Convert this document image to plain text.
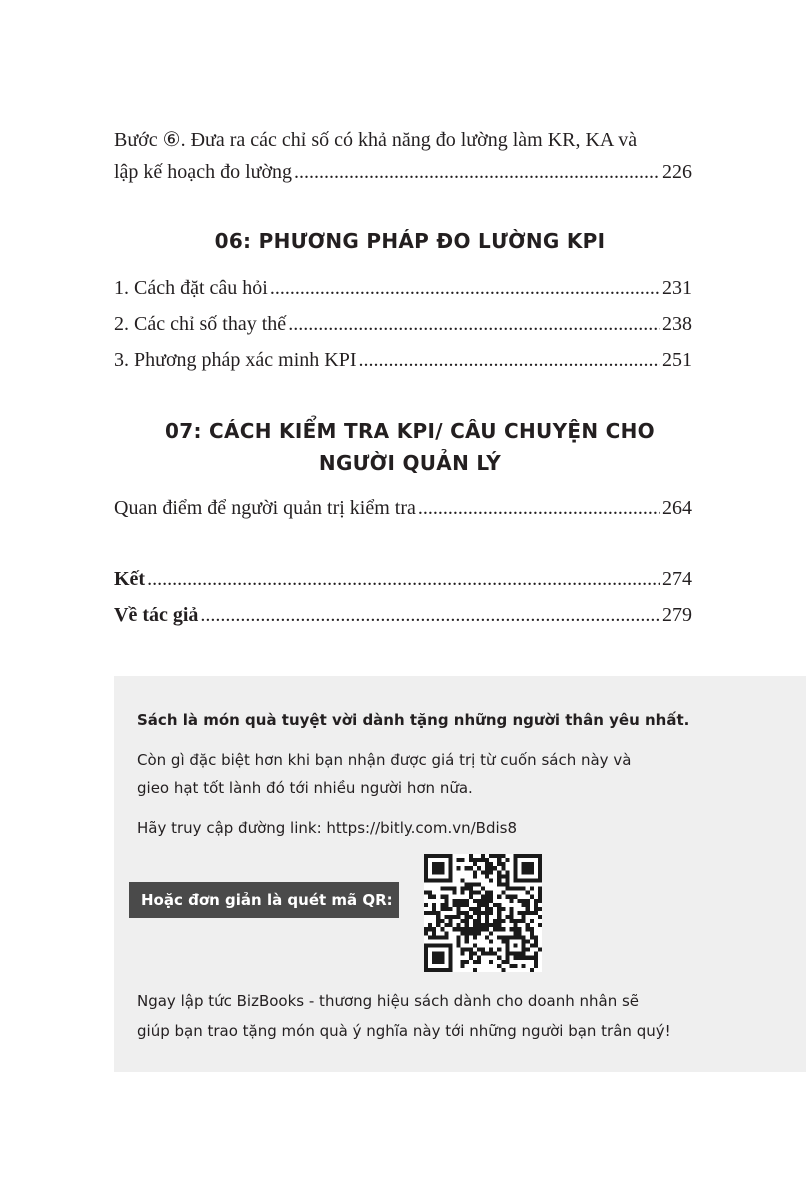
Bước ⑥. Đưa ra các chỉ số có khả năng đo lường làm KR, KA và
lập kế hoạch đo lường .....	226
06: PHƯƠNG PHÁP ĐO LƯỜNG KPI
1. Cách đặt câu hỏi .....	231
2. Các chỉ số thay thế .....	238
3. Phương pháp xác minh KPI .....	251
07: CÁCH KIỂM TRA KPI/ CÂU CHUYỆN CHO
NGƯỜI QUẢN LÝ
Quan điểm để người quản trị kiểm tra .....	264
Kết .....	274
Về tác giả .....	279
Sách là món quà tuyệt vời dành tặng những người thân yêu nhất.
Còn gì đặc biệt hơn khi bạn nhận được giá trị từ cuốn sách này và
gieo hạt tốt lành đó tới nhiều người hơn nữa.
Hãy truy cập đường link: https://bitly.com.vn/Bdis8
Hoặc đơn giản là quét mã QR:
Ngay lập tức BizBooks - thương hiệu sách dành cho doanh nhân sẽ
giúp bạn trao tặng món quà ý nghĩa này tới những người bạn trân quý!
